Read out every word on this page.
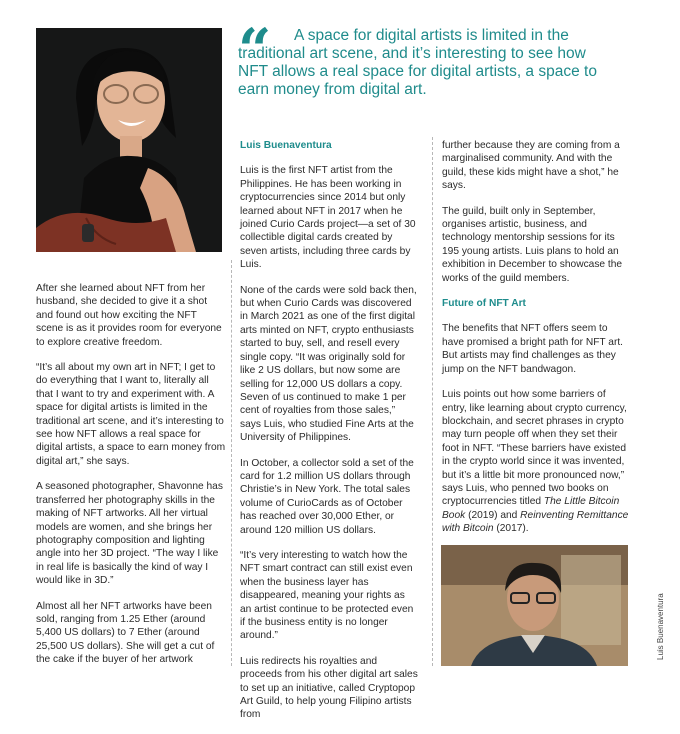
“	A space for digital artists is limited in the traditional art scene, and it’s interesting to see how NFT allows a real space for digital artists, a space to earn money from digital art.

After she learned about NFT from her husband, she decided to give it a shot and found out how exciting the NFT scene is as it provides room for everyone to explore creative freedom.

“It’s all about my own art in NFT; I get to do everything that I want to, literally all that I want to try and experiment with. A space for digital artists is limited in the traditional art scene, and it’s interesting to see how NFT allows a real space for digital artists, a space to earn money from digital art,” she says.

A seasoned photographer, Shavonne has transferred her photography skills in the making of NFT artworks. All her virtual models are women, and she brings her photography composition and lighting angle into her 3D project. “The way I like in real life is basically the kind of way I would like in 3D.”

Almost all her NFT artworks have been sold, ranging from 1.25 Ether (around 5,400 US dollars) to 7 Ether (around 25,500 US dollars). She will get a cut of the cake if the buyer of her artwork

Luis Buenaventura

Luis is the first NFT artist from the Philippines. He has been working in cryptocurrencies since 2014 but only learned about NFT in 2017 when he joined Curio Cards project—a set of 30 collectible digital cards created by seven artists, including three cards by Luis.

None of the cards were sold back then, but when Curio Cards was discovered in March 2021 as one of the first digital arts minted on NFT, crypto enthusiasts started to buy, sell, and resell every single copy. “It was originally sold for like 2 US dollars, but now some are selling for 12,000 US dollars a copy. Seven of us continued to make 1 per cent of royalties from those sales,” says Luis, who studied Fine Arts at the University of Philippines.

In October, a collector sold a set of the card for 1.2 million US dollars through Christie’s in New York. The total sales volume of CurioCards as of October has reached over 30,000 Ether, or around 120 million US dollars.

“It’s very interesting to watch how the NFT smart contract can still exist even when the business layer has disappeared, meaning your rights as an artist continue to be protected even if the business entity is no longer around.”

Luis redirects his royalties and proceeds from his other digital art sales to set up an initiative, called Cryptopop Art Guild, to help young Filipino artists from

further because they are coming from a marginalised community. And with the guild, these kids might have a shot,” he says.

The guild, built only in September, organises artistic, business, and technology mentorship sessions for its 195 young artists. Luis plans to hold an exhibition in December to showcase the works of the guild members.

Future of NFT Art

The benefits that NFT offers seem to have promised a bright path for NFT art. But artists may find challenges as they jump on the NFT bandwagon.

Luis points out how some barriers of entry, like learning about crypto currency, blockchain, and secret phrases in crypto may turn people off when they set their foot in NFT. “These barriers have existed in the crypto world since it was invented, but it’s a little bit more pronounced now,” says Luis, who penned two books on cryptocurrencies titled The Little Bitcoin Book (2019) and Reinventing Remittance with Bitcoin (2017).

Luis Buenaventura
